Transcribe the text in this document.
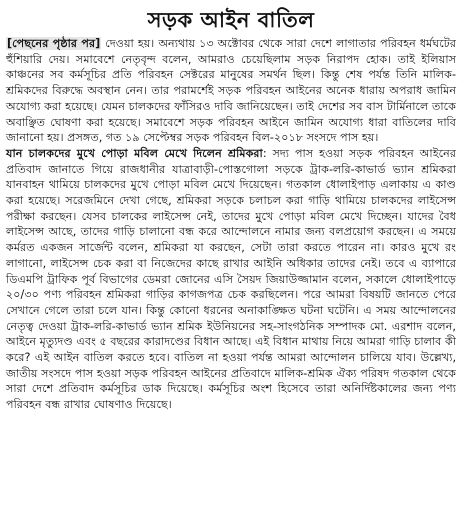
সড়ক আইন বাতিল

[পেছনের পৃষ্ঠার পর] দেওয়া হয়। অন্যথায় ১৩ অক্টোবর থেকে সারা দেশে লাগাতার পরিবহন ধর্মঘটের হুঁশিয়ারি দেয়। সমাবেশে নেতৃবৃন্দ বলেন, আমরাও চেয়েছিলাম সড়ক নিরাপদ হোক। তাই ইলিয়াস কাঞ্চনের সব কর্মসূচির প্রতি পরিবহন সেক্টরের মানুষের সমর্থন ছিল। কিন্তু শেষ পর্যন্ত তিনি মালিক-শ্রমিকদের বিরুদ্ধে অবস্থান নেন। তার পরামর্শেই সড়ক পরিবহন আইনের অনেক ধারায় অপরাধ জামিন অযোগ্য করা হয়েছে। যেমন চালকদের ফাঁসিরও দাবি জানিয়েছেন। তাই দেশের সব বাস টার্মিনালে তাকে অবাঞ্ছিত ঘোষণা করা হয়েছে। সমাবেশে সড়ক পরিবহন আইনে জামিন অযোগ্য ধারা বাতিলের দাবি জানানো হয়। প্রসঙ্গত, গত ১৯ সেপ্টেম্বর সড়ক পরিবহন বিল-২০১৮ সংসদে পাস হয়।

যান চালকদের মুখে পোড়া মবিল মেখে দিলেন শ্রমিকরা: সদ্য পাস হওয়া সড়ক পরিবহন আইনের প্রতিবাদ জানাতে গিয়ে রাজধানীর যাত্রাবাড়ী-পোস্তগোলা সড়কে ট্রাক-লরি-কাভার্ড ভ্যান শ্রমিকরা যানবাহন থামিয়ে চালকদের মুখে পোড়া মবিল মেখে দিয়েছেন। গতকাল ধোলাইপাড় এলাকায় এ কাণ্ড করা হয়েছে। সরেজমিনে দেখা গেছে, শ্রমিকরা সড়কে চলাচল করা গাড়ি থামিয়ে চালকদের লাইসেন্স পরীক্ষা করছেন। যেসব চালকের লাইসেন্স নেই, তাদের মুখে পোড়া মবিল মেখে দিচ্ছেন। যাদের বৈধ লাইসেন্স আছে, তাদের গাড়ি চালানো বন্ধ করে আন্দোলনে নামার জন্য বলপ্রয়োগ করছেন। এ সময়ে কর্মরত একজন সার্জেন্ট বলেন, শ্রমিকরা যা করছেন, সেটা তারা করতে পারেন না। কারও মুখে রং লাগানো, লাইসেন্স চেক করা বা নিজেদের কাছে রাখার আইনি অধিকার তাদের নেই। তবে এ ব্যাপারে ডিএমপি ট্রাফিক পূর্ব বিভাগের ডেমরা জোনের এসি সৈয়দ জিয়াউজ্জামান বলেন, সকালে ধোলাইপাড়ে ২০/৩০ পণ্য পরিবহন শ্রমিকরা গাড়ির কাগজপত্র চেক করছিলেন। পরে আমরা বিষয়টি জানতে পেরে সেখানে গেলে তারা চলে যান। কিন্তু কোনো ধরনের অনাকাঙ্ক্ষিত ঘটনা ঘটেনি। এ সময় আন্দোলনের নেতৃত্ব দেওয়া ট্রাক-লরি-কাভার্ড ভ্যান শ্রমিক ইউনিয়নের সহ-সাংগঠনিক সম্পাদক মো. এরশাদ বলেন, আইনে মৃত্যুদণ্ড এবং ৫ বছরের কারাদণ্ডের বিধান আছে। এই বিধান মাথায় নিয়ে আমরা গাড়ি চালাব কী করে? এই আইন বাতিল করতে হবে। বাতিল না হওয়া পর্যন্ত আমরা আন্দোলন চালিয়ে যাব। উল্লেখ্য, জাতীয় সংসদে পাস হওয়া সড়ক পরিবহন আইনের প্রতিবাদে মালিক-শ্রমিক ঐক্য পরিষদ গতকাল থেকে সারা দেশে প্রতিবাদ কর্মসূচির ডাক দিয়েছে। কর্মসূচির অংশ হিসেবে তারা অনির্দিষ্টকালের জন্য পণ্য পরিবহন বন্ধ রাখার ঘোষণাও দিয়েছে।
